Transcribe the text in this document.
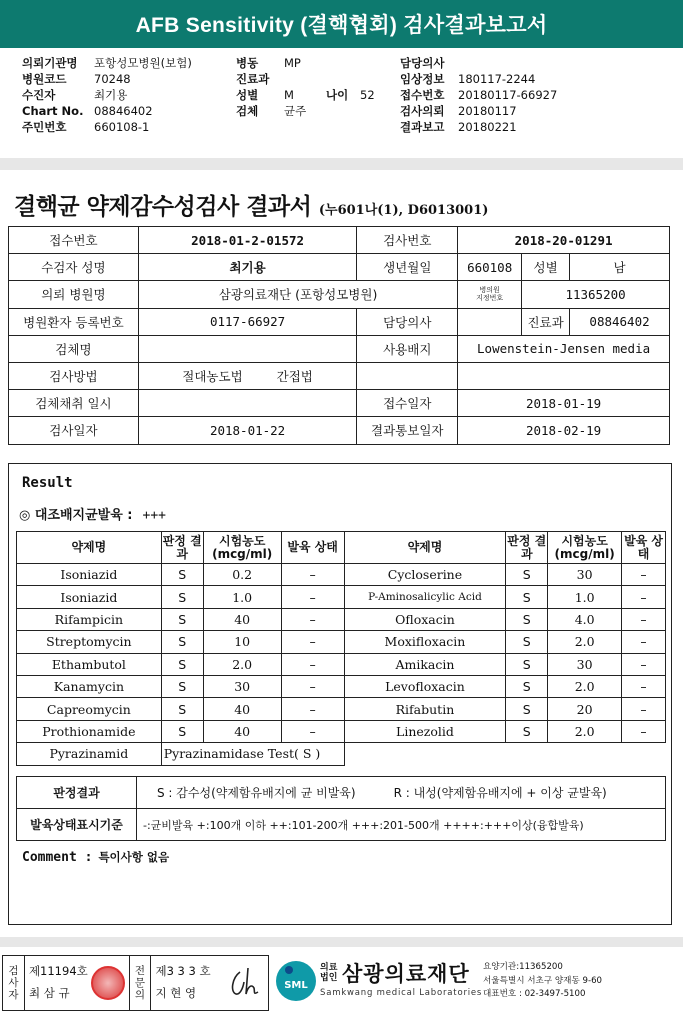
AFB Sensitivity (결핵협회) 검사결과보고서
의뢰기관명 포항성모병원(보험)
병원코드 70248
수진자	최기용
Chart No. 08846402
주민번호 660108-1
병동 MP
진료과
성별 M	나이 52
검체 균주
담당의사
임상정보 180117-2244
접수번호 20180117-66927
검사의뢰 20180117
결과보고 20180221
결핵균 약제감수성검사 결과서 (누601나(1), D6013001)
접수번호	2018-01-2-01572	검사번호	2018-20-01291		
수검자 성명	최기용	생년월일	660108	성별	남
의뢰 병원명	삼광의료재단 (포항성모병원)		병의원
지정번호	11365200	
병원환자 등록번호	0117-66927	담당의사		진료과	08846402
검체명		사용배지	Lowenstein-Jensen media		
검사방법	절대농도법 간접법				
검체채취 일시		접수일자	2018-01-19		
검사일자	2018-01-22	결과통보일자	2018-02-19		
Result
◎ 대조배지균발육 : +++
약제명	판정 결과	시험농도 (mcg/ml)	발육 상태	약제명	판정 결과	시험농도 (mcg/ml)	발육 상태
Isoniazid	S	0.2	–	Cycloserine	S	30	–
Isoniazid	S	1.0	–	P-Aminosalicylic Acid	S	1.0	–
Rifampicin	S	40	–	Ofloxacin	S	4.0	–
Streptomycin	S	10	–	Moxifloxacin	S	2.0	–
Ethambutol	S	2.0	–	Amikacin	S	30	–
Kanamycin	S	30	–	Levofloxacin	S	2.0	–
Capreomycin	S	40	–	Rifabutin	S	20	–
Prothionamide	S	40	–	Linezolid	S	2.0	–
Pyrazinamid	Pyrazinamidase Test( S )						
판정결과	S : 감수성(약제함유배지에 균 비발육) R : 내성(약제함유배지에 + 이상 균발육)
발육상태표시기준	-:균비발육 +:100개 이하 ++:101-200개 +++:201-500개 ++++:+++이상(융합발육)
Comment : 특이사항 없음
검사자
제11194호
최 삼 규
전문의
제3 3 3 호
지 현 영
SML
의료
법인 삼광의료재단
Samkwang medical Laboratories
요양기관:11365200
서울특별시 서초구 양재동 9-60
대표번호 : 02-3497-5100
